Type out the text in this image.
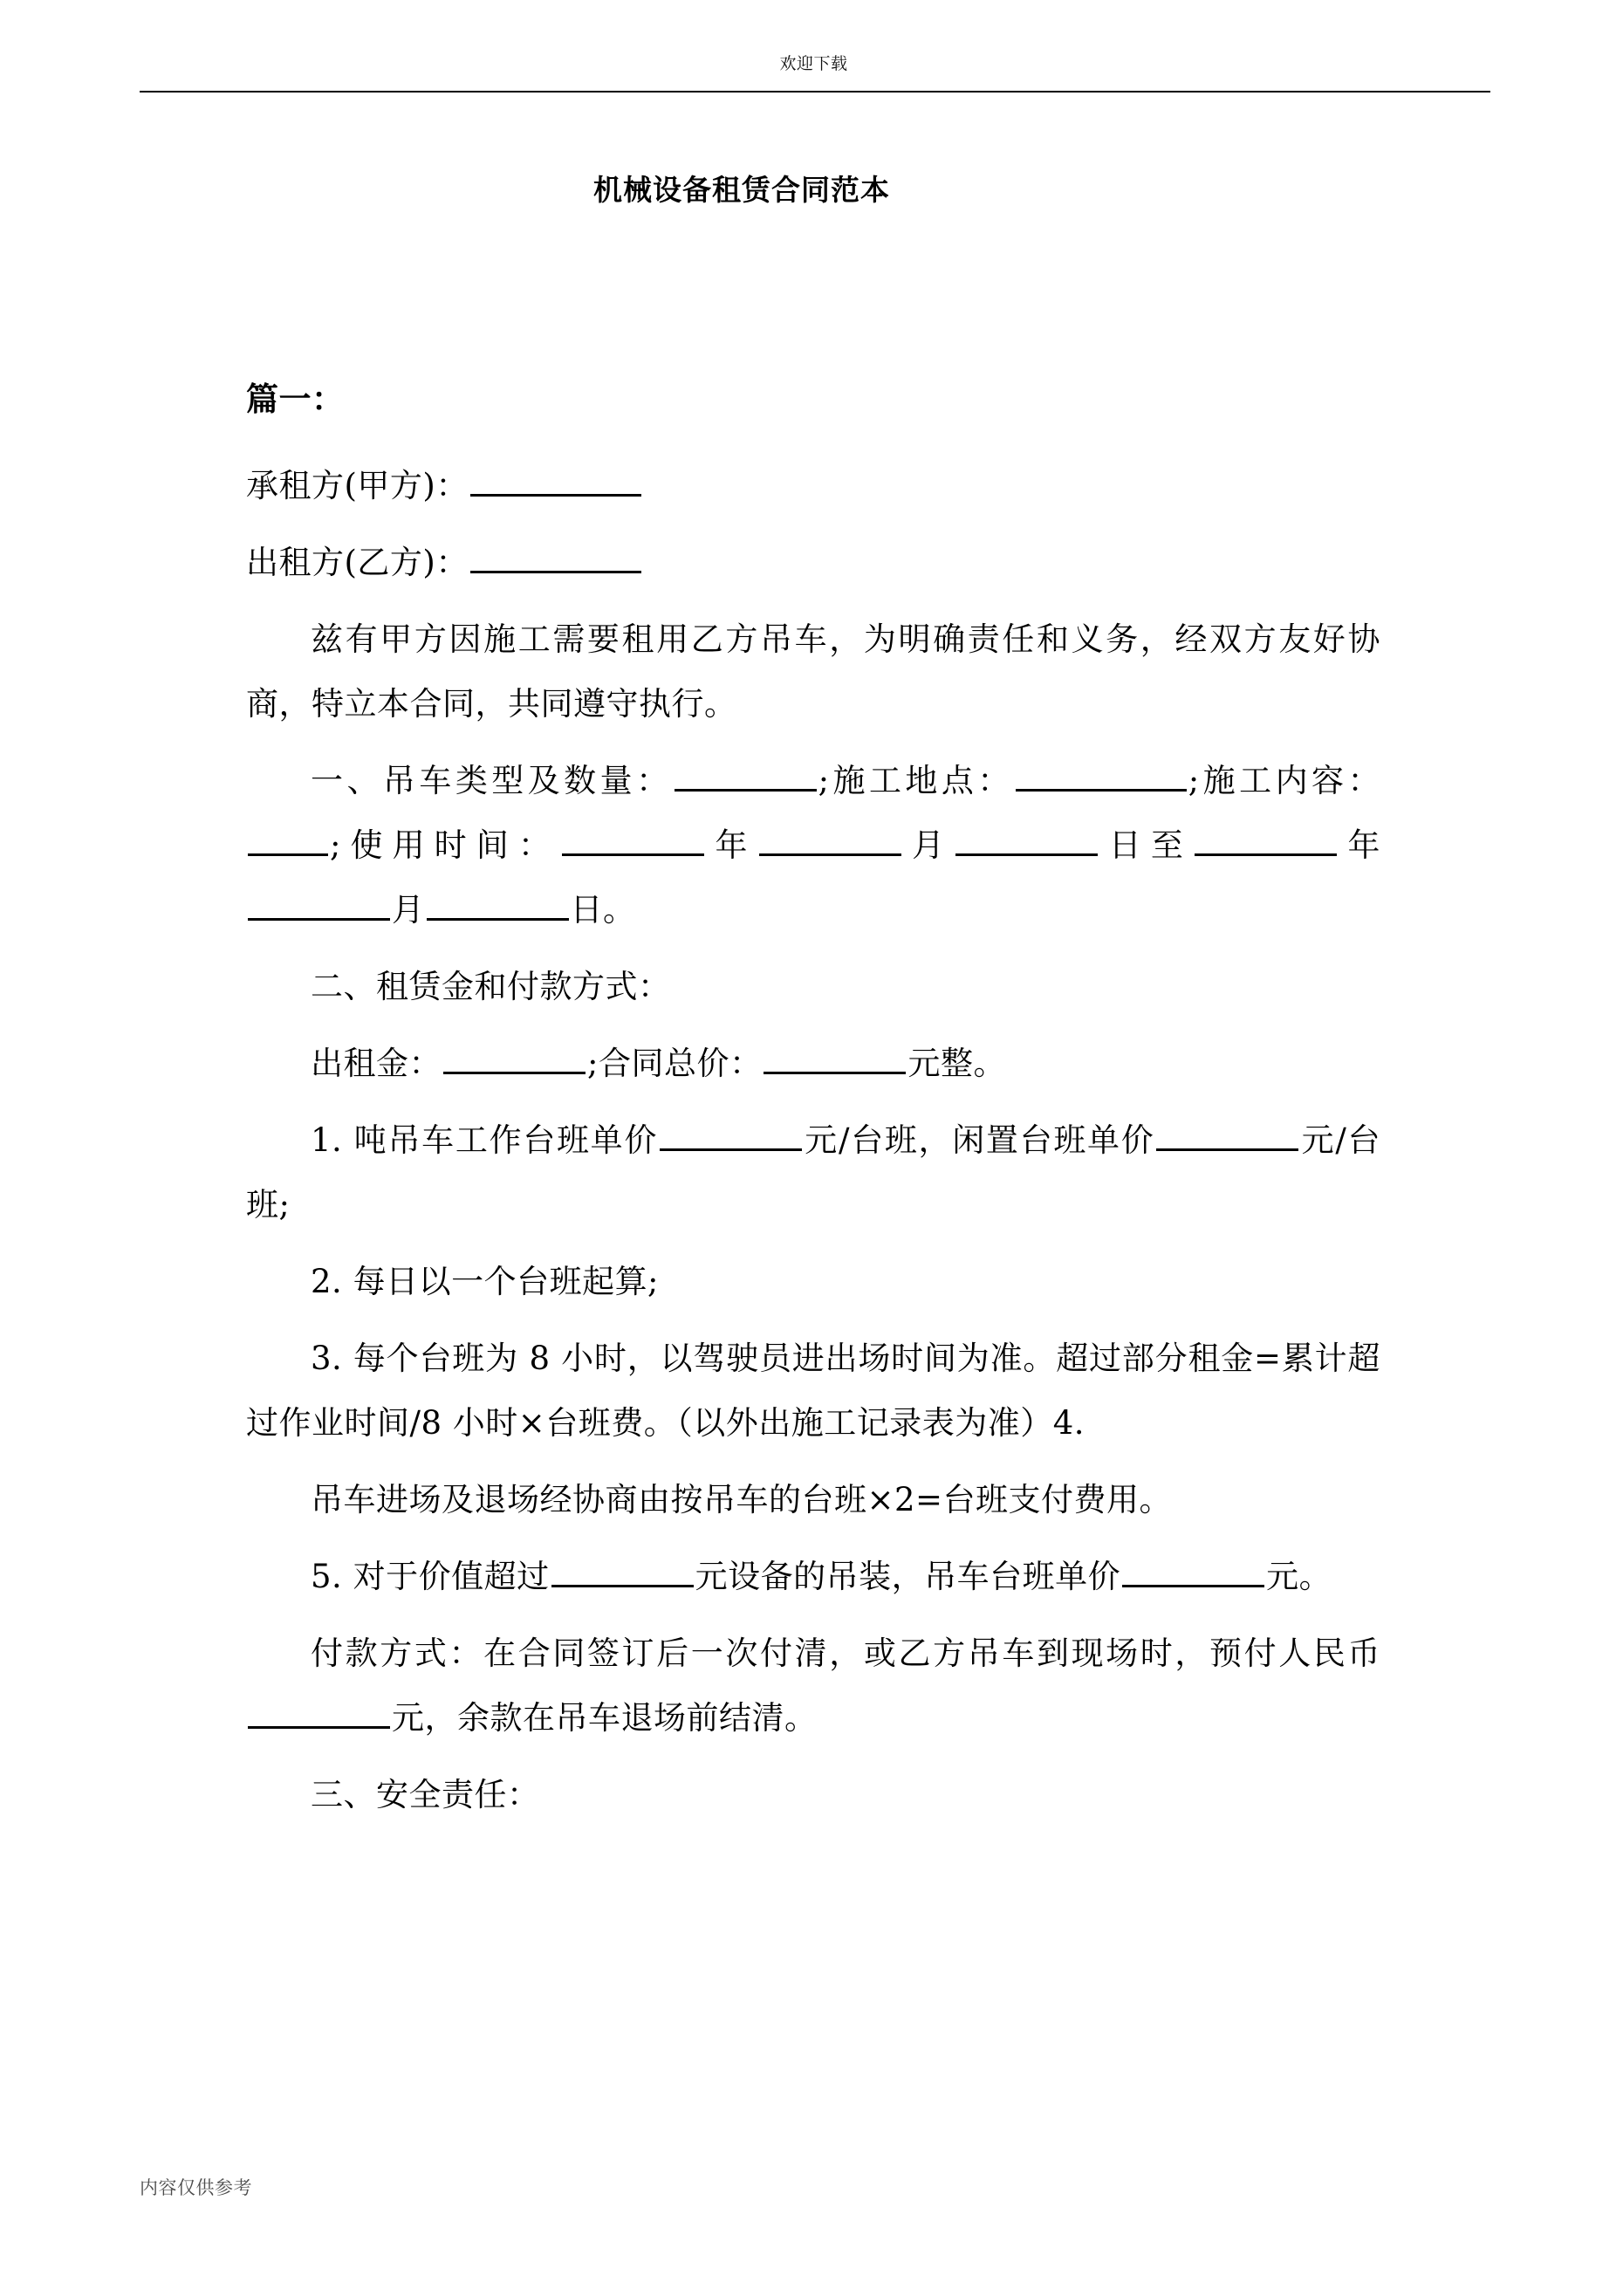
欢迎下载
机械设备租赁合同范本

篇一：

承租方(甲方)：

出租方(乙方)：

兹有甲方因施工需要租用乙方吊车，为明确责任和义务，经双方友好协商，特立本合同，共同遵守执行。

一、吊车类型及数量：	;施工地点：	;施工内容：;使用时间：	年	月	日至	年月	日。

二、租赁金和付款方式：

出租金：	;合同总价：	元整。

1. 吨吊车工作台班单价	元/台班，闲置台班单价	元/台班;

2. 每日以一个台班起算;

3. 每个台班为 8 小时，以驾驶员进出场时间为准。超过部分租金=累计超过作业时间/8 小时×台班费。（以外出施工记录表为准）4.

吊车进场及退场经协商由按吊车的台班×2=台班支付费用。

5. 对于价值超过	元设备的吊装，吊车台班单价	元。

付款方式：在合同签订后一次付清，或乙方吊车到现场时，预付人民币元，余款在吊车退场前结清。

三、安全责任：

内容仅供参考
